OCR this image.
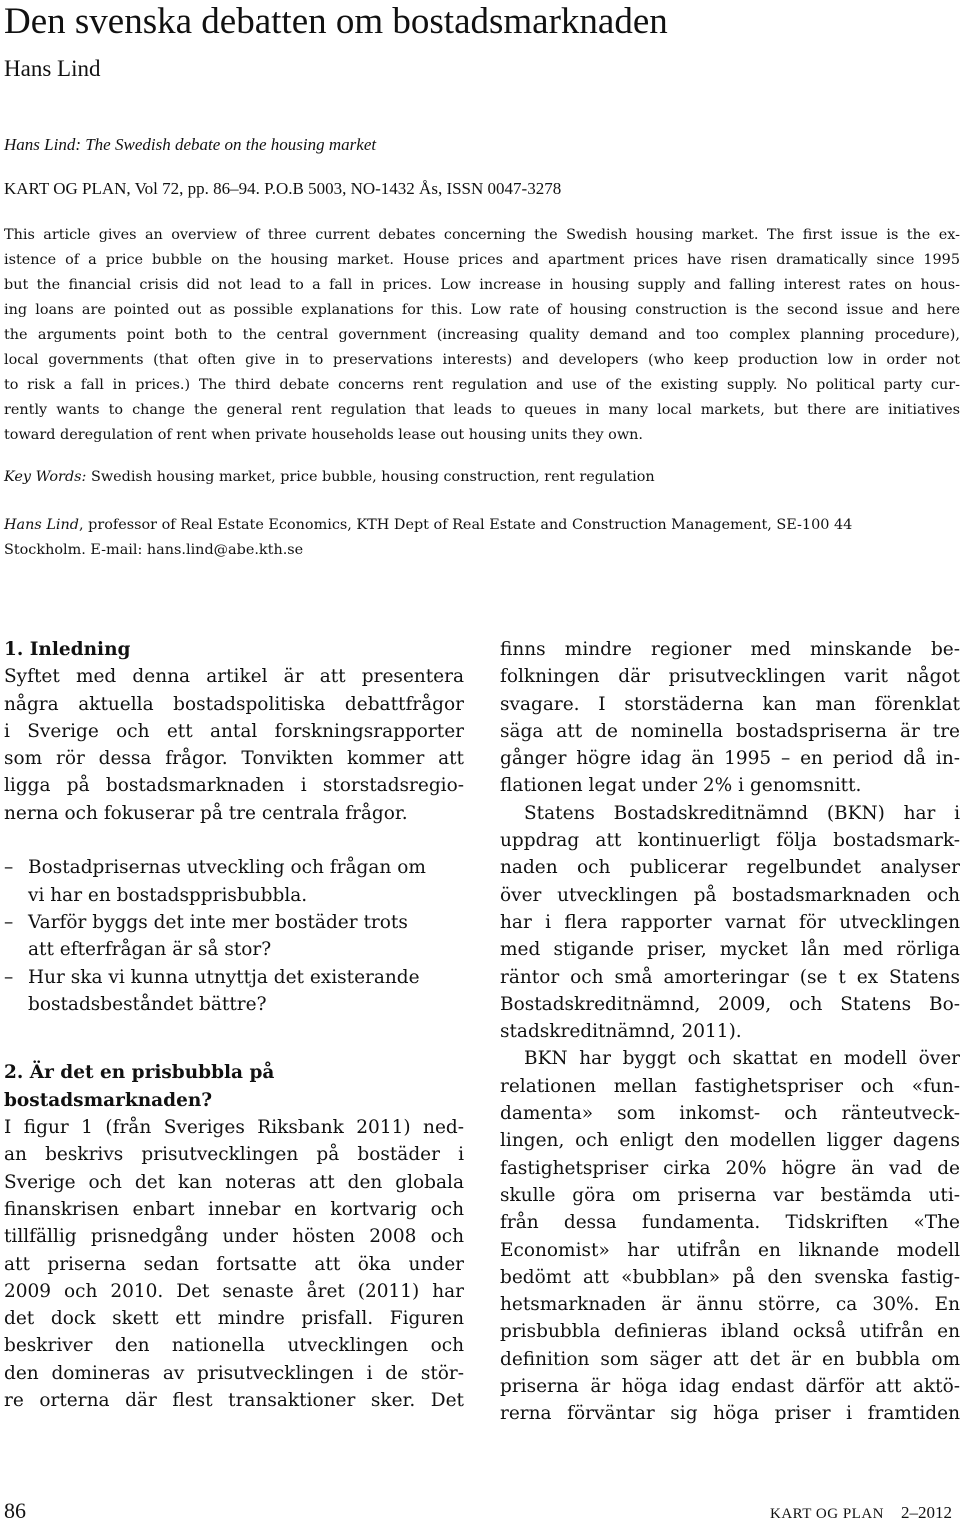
Den svenska debatten om bostadsmarknaden
Hans Lind
Hans Lind: The Swedish debate on the housing market
KART OG PLAN, Vol 72, pp. 86–94. P.O.B 5003, NO-1432 Ås, ISSN 0047-3278

This article gives an overview of three current debates concerning the Swedish housing market. The first issue is the ex-
istence of a price bubble on the housing market. House prices and apartment prices have risen dramatically since 1995
but the financial crisis did not lead to a fall in prices. Low increase in housing supply and falling interest rates on hous-
ing loans are pointed out as possible explanations for this. Low rate of housing construction is the second issue and here
the arguments point both to the central government (increasing quality demand and too complex planning procedure),
local governments (that often give in to preservations interests) and developers (who keep production low in order not
to risk a fall in prices.) The third debate concerns rent regulation and use of the existing supply. No political party cur-
rently wants to change the general rent regulation that leads to queues in many local markets, but there are initiatives
toward deregulation of rent when private households lease out housing units they own.

Key Words: Swedish housing market, price bubble, housing construction, rent regulation
Hans Lind, professor of Real Estate Economics, KTH Dept of Real Estate and Construction Management, SE-100 44
Stockholm. E-mail: hans.lind@abe.kth.se
1. Inledning
Syftet med denna artikel är att presentera
några aktuella bostadspolitiska debattfrågor
i Sverige och ett antal forskningsrapporter
som rör dessa frågor. Tonvikten kommer att
ligga på bostadsmarknaden i storstadsregio-
nerna och fokuserar på tre centrala frågor.
– Bostadprisernas utveckling och frågan om
vi har en bostadspprisbubbla.
– Varför byggs det inte mer bostäder trots
att efterfrågan är så stor?
– Hur ska vi kunna utnyttja det existerande
bostadsbeståndet bättre?
2. Är det en prisbubbla på
bostadsmarknaden?
I figur 1 (från Sveriges Riksbank 2011) ned-
an beskrivs prisutvecklingen på bostäder i
Sverige och det kan noteras att den globala
finanskrisen enbart innebar en kortvarig och
tillfällig prisnedgång under hösten 2008 och
att priserna sedan fortsatte att öka under
2009 och 2010. Det senaste året (2011) har
det dock skett ett mindre prisfall. Figuren
beskriver den nationella utvecklingen och
den domineras av prisutvecklingen i de stör-
re orterna där flest transaktioner sker. Det
finns mindre regioner med minskande be-
folkningen där prisutvecklingen varit något
svagare. I storstäderna kan man förenklat
säga att de nominella bostadspriserna är tre
gånger högre idag än 1995 – en period då in-
flationen legat under 2% i genomsnitt.
Statens Bostadskreditnämnd (BKN) har i
uppdrag att kontinuerligt följa bostadsmark-
naden och publicerar regelbundet analyser
över utvecklingen på bostadsmarknaden och
har i flera rapporter varnat för utvecklingen
med stigande priser, mycket lån med rörliga
räntor och små amorteringar (se t ex Statens
Bostadskreditnämnd, 2009, och Statens Bo-
stadskreditnämnd, 2011).
BKN har byggt och skattat en modell över
relationen mellan fastighetspriser och «fun-
damenta» som inkomst- och ränteutveck-
lingen, och enligt den modellen ligger dagens
fastighetspriser cirka 20% högre än vad de
skulle göra om priserna var bestämda uti-
från dessa fundamenta. Tidskriften «The
Economist» har utifrån en liknande modell
bedömt att «bubblan» på den svenska fastig-
hetsmarknaden är ännu större, ca 30%. En
prisbubbla definieras ibland också utifrån en
definition som säger att det är en bubbla om
priserna är höga idag endast därför att aktö-
rerna förväntar sig höga priser i framtiden
86	KART OG PLAN 2–2012
